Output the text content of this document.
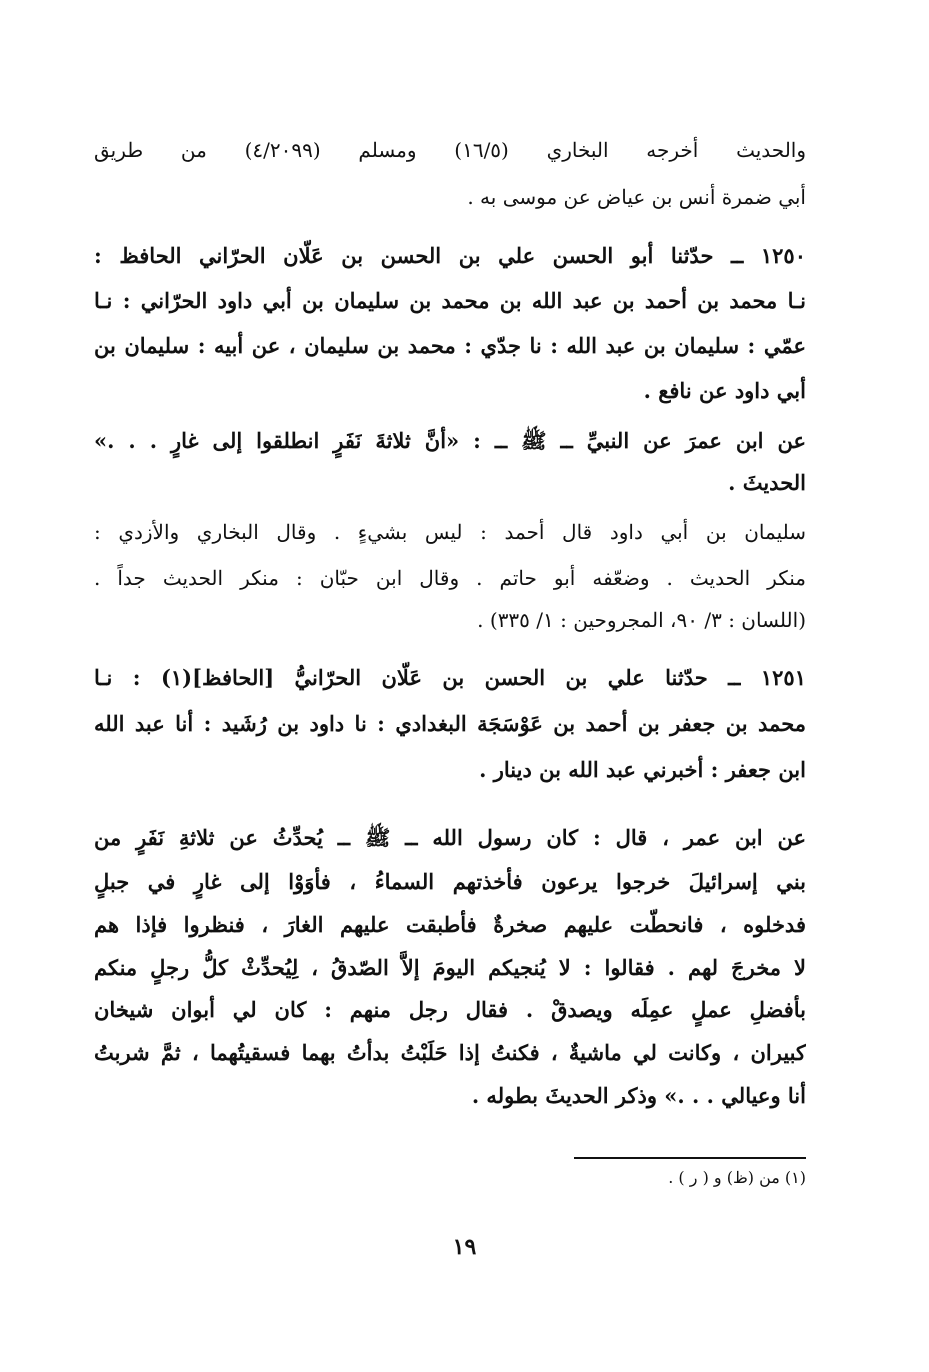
والحديث أخرجه البخاري (١٦/٥) ومسلم (٤/٢٠٩٩) من طريق
أبي ضمرة أنس بن عياض عن موسى به .
١٢٥٠ ــ حدّثنا أبو الحسن علي بن الحسن بن عَلّان الحرّاني الحافظ :
نـا محمد بن أحمد بن عبد الله بن محمد بن سليمان بن أبي داود الحرّاني : نـا
عمّي : سليمان بن عبد الله : نا جدّي : محمد بن سليمان ، عن أبيه : سليمان بن
أبي داود عن نافع .
عن ابن عمرَ عن النبيِّ ــ ﷺ ــ : «أنَّ ثلاثةَ نَفَرٍ انطلقوا إلى غارٍ . . .»
الحديثَ .
سليمان بن أبي داود قال أحمد : ليس بشيءٍ . وقال البخاري والأزدي :
منكر الحديث . وضعّفه أبو حاتم . وقال ابن حبّان : منكر الحديث جداً .
(اللسان : ٣/ ٩٠، المجروحين : ١/ ٣٣٥) .
١٢٥١ ــ حدّثنا علي بن الحسن بن عَلّان الحرّانيُّ [الحافظ](١) : نـا
محمد بن جعفر بن أحمد بن عَوْسَجَة البغدادي : نا داود بن رُشَيد : أنا عبد الله
ابن جعفر : أخبرني عبد الله بن دينار .
عن ابن عمر ، قال : كان رسول الله ــ ﷺ ــ يُحدِّثُ عن ثلاثةِ نَفَرٍ من
بني إسرائيلَ خرجوا يرعون فأخذتهم السماءُ ، فأوَوْا إلى غارٍ في جبلٍ
فدخلوه ، فانحطّت عليهم صخرةٌ فأطبقت عليهم الغارَ ، فنظروا فإذا هم
لا مخرجَ لهم . فقالوا : لا يُنجيكم اليومَ إلاَّ الصّدقُ ، لِيُحدِّثْ كلُّ رجلٍ منكم
بأفضلِ عملٍ عمِلَه ويصدقْ . فقال رجل منهم : كان لي أبوان شيخان
كبيران ، وكانت لي ماشيةٌ ، فكنتُ إذا حَلَبْتُ بدأتُ بهما فسقيتُهما ، ثمَّ شربتُ
أنا وعيالي . . .» وذكر الحديثَ بطوله .
(١) من (ظ) و ( ر ) .
١٩
